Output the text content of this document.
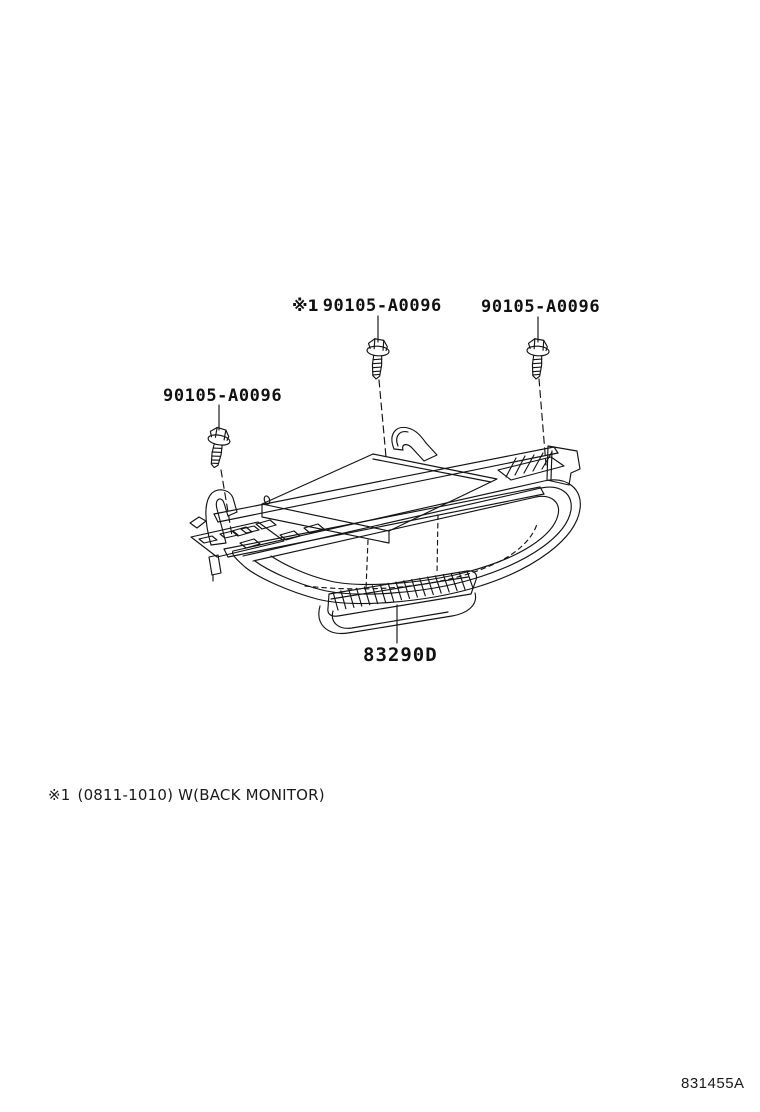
90105-A0096
※1 90105-A0096 90105-A0096
83290D
※1 (0811-1010) W(BACK MONITOR)
831455A
